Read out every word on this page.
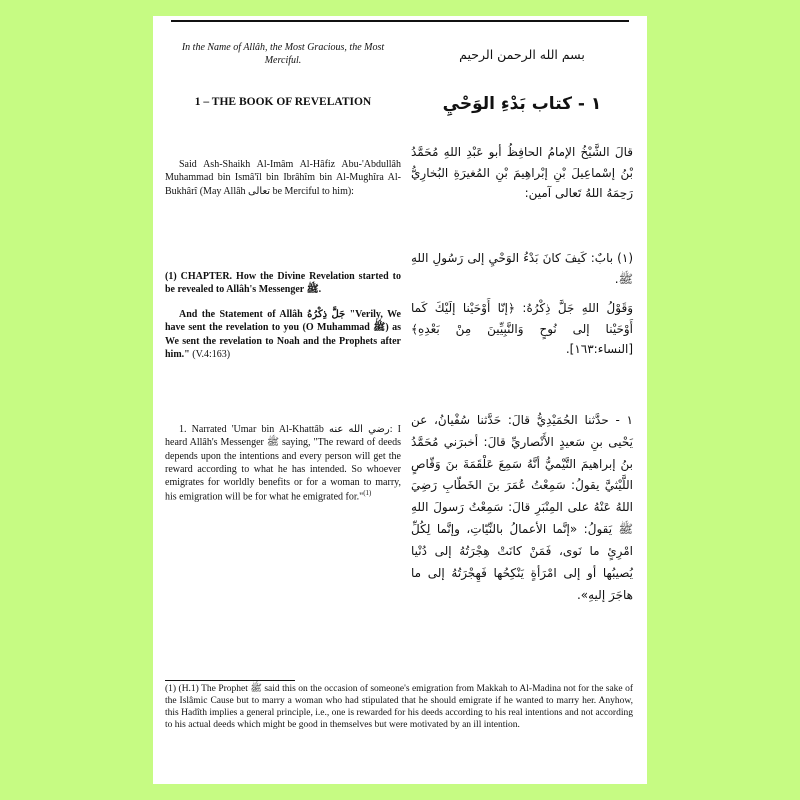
In the Name of Allâh, the Most Gracious, the Most Merciful.
1 – THE BOOK OF REVELATION
Said Ash-Shaikh Al-Imâm Al-Hâfiz Abu-'Abdullâh Muhammad bin Ismâ'îl bin Ibrâhîm bin Al-Mughîra Al-Bukhârî (May Allâh تعالى be Merciful to him):
(1) CHAPTER. How the Divine Revelation started to be revealed to Allâh's Messenger ﷺ.
And the Statement of Allâh جَلَّ ذِكْرُهُ "Verily, We have sent the revelation to you (O Muhammad ﷺ) as We sent the revelation to Noah and the Prophets after him." (V.4:163)
1. Narrated 'Umar bin Al-Khattâb رضي الله عنه: I heard Allâh's Messenger ﷺ saying, "The reward of deeds depends upon the intentions and every person will get the reward according to what he has intended. So whoever emigrates for worldly benefits or for a woman to marry, his emigration will be for what he emigrated for."$^{(1)}$
بسم الله الرحمن الرحيم
١ - كتاب بَدْءِ الوَحْيِ
قالَ الشَّيْخُ الإمامُ الحافِظُ أبو عَبْدِ اللهِ مُحَمَّدُ بْنُ إسْماعِيلَ بْنِ إبْراهِيمَ بْنِ المُغيرَةِ البُخارِيُّ رَحِمَهُ اللهُ تَعالى آمين:
(١) بابٌ: كَيفَ كانَ بَدْءُ الوَحْيِ إلى رَسُولِ اللهِ ﷺ.
وَقَوْلُ اللهِ جَلَّ ذِكْرُهُ: ﴿إنّا أَوْحَيْنا إلَيْكَ كَما أَوْحَيْنا إلى نُوحٍ وَالنَّبِيِّينَ مِنْ بَعْدِهِ﴾ [النساء:١٦٣].
١ - حدَّثنا الحُمَيْدِيُّ قالَ: حَدَّثنا سُفْيانُ، عن يَحْيى بنِ سَعيدٍ الأَنْصاريِّ قالَ: أخبرَني مُحَمَّدُ بنُ إبراهيمَ التَّيْميُّ أنَّهُ سَمِعَ عَلْقَمَةَ بنَ وَقّاصٍ اللَّيْثيَّ يقولُ: سَمِعْتُ عُمَرَ بنَ الخَطّابِ رَضِيَ اللهُ عَنْهُ على المِنْبَرِ قالَ: سَمِعْتُ رَسولَ اللهِ ﷺ يَقولُ: «إنَّما الأعمالُ بالنِّيّاتِ، وإنَّما لِكُلِّ امْرِئٍ ما نَوى، فَمَنْ كانَتْ هِجْرَتُهُ إلى دُنْيا يُصيبُها أو إلى امْرَأةٍ يَنْكِحُها فَهِجْرَتُهُ إلى ما هاجَرَ إليهِ».
(1) (H.1) The Prophet ﷺ said this on the occasion of someone's emigration from Makkah to Al-Madina not for the sake of the Islâmic Cause but to marry a woman who had stipulated that he should emigrate if he wanted to marry her. Anyhow, this Hadîth implies a general principle, i.e., one is rewarded for his deeds according to his real intentions and not according to his actual deeds which might be good in themselves but were motivated by an ill intention.
